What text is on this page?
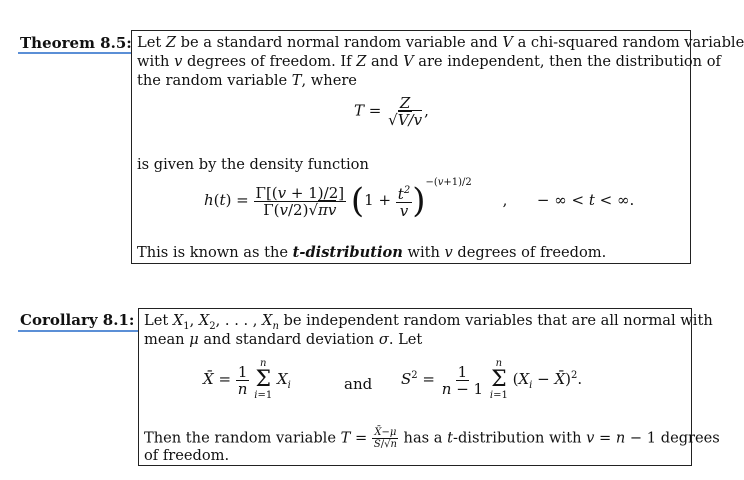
Theorem 8.5: Let Z be a standard normal random variable and V a chi-squared random variable
with v degrees of freedom. If Z and V are independent, then the distribution of
the random variable T, where
$T = \frac{Z}{√V/v}$ ,
is given by the density function
$h(t) = \frac{\Gamma[(v + 1)/2]}{\Gamma(v/2)√\pi v} (1 + \frac{t^2}{v} )^{-(v+1)/2}$ ,  − ∞ < t < ∞.
This is known as the t-distribution with v degrees of freedom.
Corollary 8.1: Let $X_1$, $X_2$, . . . , $X_n$ be independent random variables that are all normal with
mean μ and standard deviation σ. Let
X̄ = $\frac{1}{n}$
n
Σ
i=1
$X_i$	and $S^2 = \frac{1}{n - 1}$
n
Σ
i=1
($X_i$ − X̄)$^2$.
Then the random variable $T = \frac{X̄-\mu}{S/√n}$ has a t-distribution with v = n − 1 degrees
of freedom.
